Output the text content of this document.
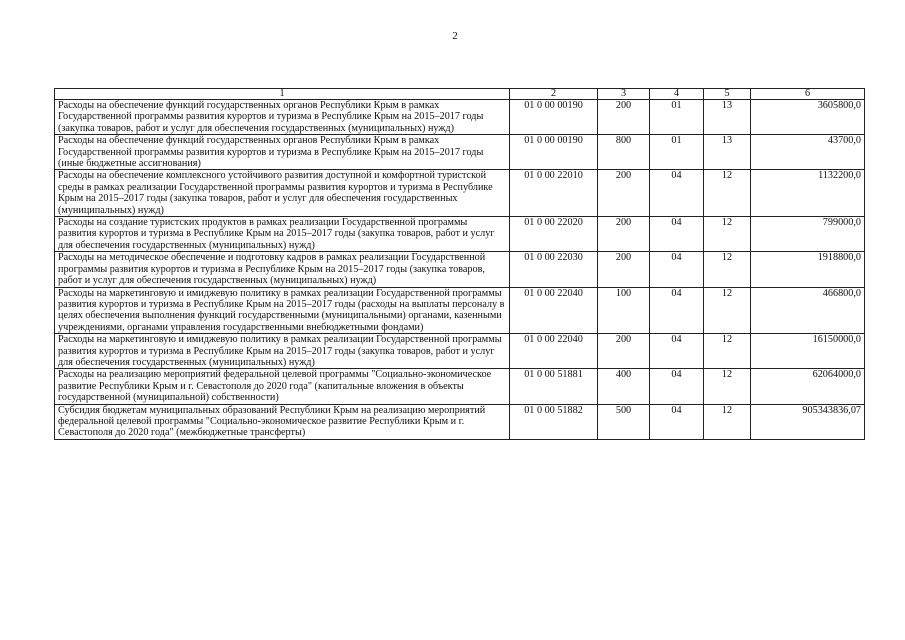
2
1	2	3	4	5	6
Расходы на обеспечение функций государственных органов Республики Крым в рамках Государственной программы развития курортов и туризма в Республике Крым на 2015–2017 годы (закупка товаров, работ и услуг для обеспечения государственных (муниципальных) нужд)	01 0 00 00190	200	01	13	3605800,0
Расходы на обеспечение функций государственных органов Республики Крым в рамках Государственной программы развития курортов и туризма в Республике Крым на 2015–2017 годы (иные бюджетные ассигнования)	01 0 00 00190	800	01	13	43700,0
Расходы на обеспечение комплексного устойчивого развития доступной и комфортной туристской среды в рамках реализации Государственной программы развития курортов и туризма в Республике Крым на 2015–2017 годы (закупка товаров, работ и услуг для обеспечения государственных (муниципальных) нужд)	01 0 00 22010	200	04	12	1132200,0
Расходы на создание туристских продуктов в рамках реализации Государственной программы развития курортов и туризма в Республике Крым на 2015–2017 годы (закупка товаров, работ и услуг для обеспечения государственных (муниципальных) нужд)	01 0 00 22020	200	04	12	799000,0
Расходы на методическое обеспечение и подготовку кадров в рамках реализации Государственной программы развития курортов и туризма в Республике Крым на 2015–2017 годы (закупка товаров, работ и услуг для обеспечения государственных (муниципальных) нужд)	01 0 00 22030	200	04	12	1918800,0
Расходы на маркетинговую и имиджевую политику в рамках реализации Государственной программы развития курортов и туризма в Республике Крым на 2015–2017 годы (расходы на выплаты персоналу в целях обеспечения выполнения функций государственными (муниципальными) органами, казенными учреждениями, органами управления государственными внебюджетными фондами)	01 0 00 22040	100	04	12	466800,0
Расходы на маркетинговую и имиджевую политику в рамках реализации Государственной программы развития курортов и туризма в Республике Крым на 2015–2017 годы (закупка товаров, работ и услуг для обеспечения государственных (муниципальных) нужд)	01 0 00 22040	200	04	12	16150000,0
Расходы на реализацию мероприятий федеральной целевой программы "Социально-экономическое развитие Республики Крым и г. Севастополя до 2020 года" (капитальные вложения в объекты государственной (муниципальной) собственности)	01 0 00 51881	400	04	12	62064000,0
Субсидия бюджетам муниципальных образований Республики Крым на реализацию мероприятий федеральной целевой программы "Социально-экономическое развитие Республики Крым и г. Севастополя до 2020 года" (межбюджетные трансферты)	01 0 00 51882	500	04	12	905343836,07
